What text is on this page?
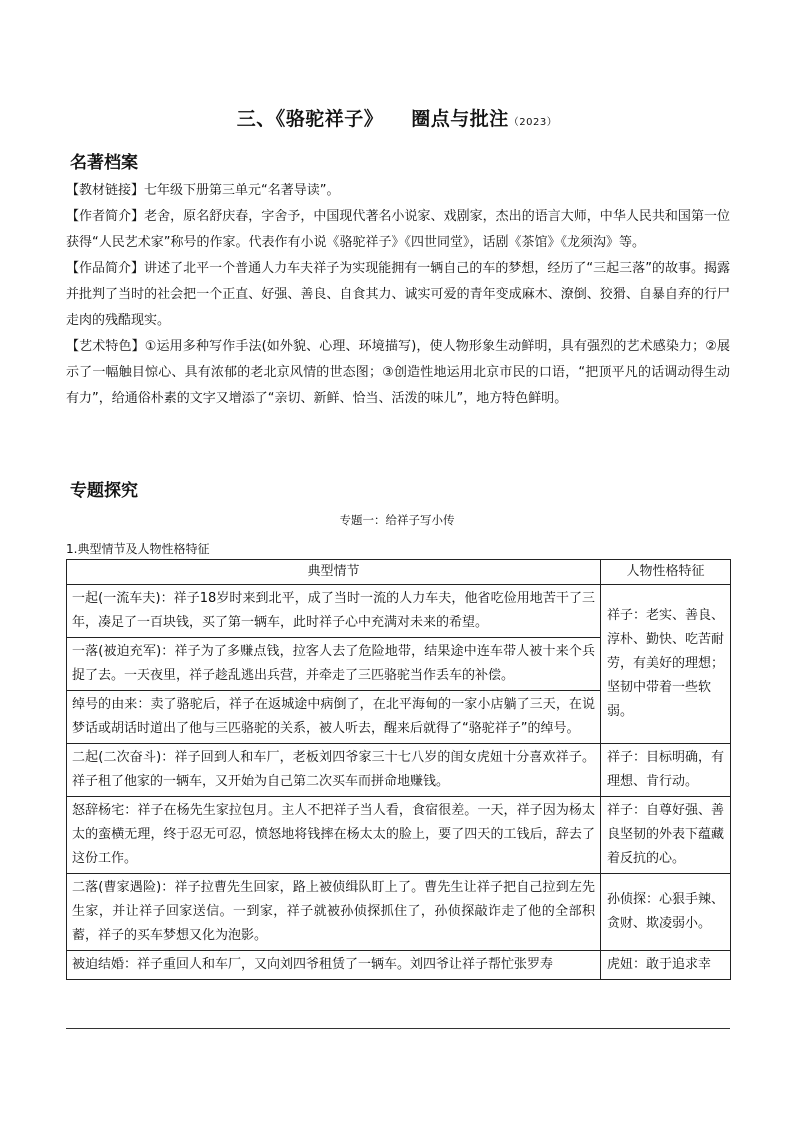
三、《骆驼祥子》 圈点与批注（2023）
名著档案

【教材链接】七年级下册第三单元“名著导读”。

【作者简介】老舍，原名舒庆春，字舍予，中国现代著名小说家、戏剧家，杰出的语言大师，中华人民共和国第一位获得“人民艺术家”称号的作家。代表作有小说《骆驼祥子》《四世同堂》，话剧《茶馆》《龙须沟》等。

【作品简介】讲述了北平一个普通人力车夫祥子为实现能拥有一辆自己的车的梦想，经历了“三起三落”的故事。揭露并批判了当时的社会把一个正直、好强、善良、自食其力、诚实可爱的青年变成麻木、潦倒、狡猾、自暴自弃的行尸走肉的残酷现实。

【艺术特色】①运用多种写作手法(如外貌、心理、环境描写)，使人物形象生动鲜明，具有强烈的艺术感染力；②展示了一幅触目惊心、具有浓郁的老北京风情的世态图；③创造性地运用北京市民的口语，“把顶平凡的话调动得生动有力”，给通俗朴素的文字又增添了“亲切、新鲜、恰当、活泼的味儿”，地方特色鲜明。

专题探究
专题一：给祥子写小传
1.典型情节及人物性格特征
典型情节	人物性格特征
一起(一流车夫)：祥子18岁时来到北平，成了当时一流的人力车夫，他省吃俭用地苦干了三年，凑足了一百块钱，买了第一辆车，此时祥子心中充满对未来的希望。	祥子：老实、善良、淳朴、勤快、吃苦耐劳，有美好的理想；坚韧中带着一些软弱。
一落(被迫充军)：祥子为了多赚点钱，拉客人去了危险地带，结果途中连车带人被十来个兵捉了去。一天夜里，祥子趁乱逃出兵营，并牵走了三匹骆驼当作丢车的补偿。	
绰号的由来：卖了骆驼后，祥子在返城途中病倒了，在北平海甸的一家小店躺了三天，在说梦话或胡话时道出了他与三匹骆驼的关系，被人听去，醒来后就得了“骆驼祥子”的绰号。	
二起(二次奋斗)：祥子回到人和车厂，老板刘四爷家三十七八岁的闺女虎妞十分喜欢祥子。祥子租了他家的一辆车，又开始为自己第二次买车而拼命地赚钱。	祥子：目标明确，有理想、肯行动。
怒辞杨宅：祥子在杨先生家拉包月。主人不把祥子当人看，食宿很差。一天，祥子因为杨太太的蛮横无理，终于忍无可忍，愤怒地将钱摔在杨太太的脸上，要了四天的工钱后，辞去了这份工作。	祥子：自尊好强、善良坚韧的外表下蕴藏着反抗的心。
二落(曹家遇险)：祥子拉曹先生回家，路上被侦缉队盯上了。曹先生让祥子把自己拉到左先生家，并让祥子回家送信。一到家，祥子就被孙侦探抓住了，孙侦探敲诈走了他的全部积蓄，祥子的买车梦想又化为泡影。	孙侦探：心狠手辣、贪财、欺凌弱小。
被迫结婚：祥子重回人和车厂，又向刘四爷租赁了一辆车。刘四爷让祥子帮忙张罗寿	虎妞：敢于追求幸
